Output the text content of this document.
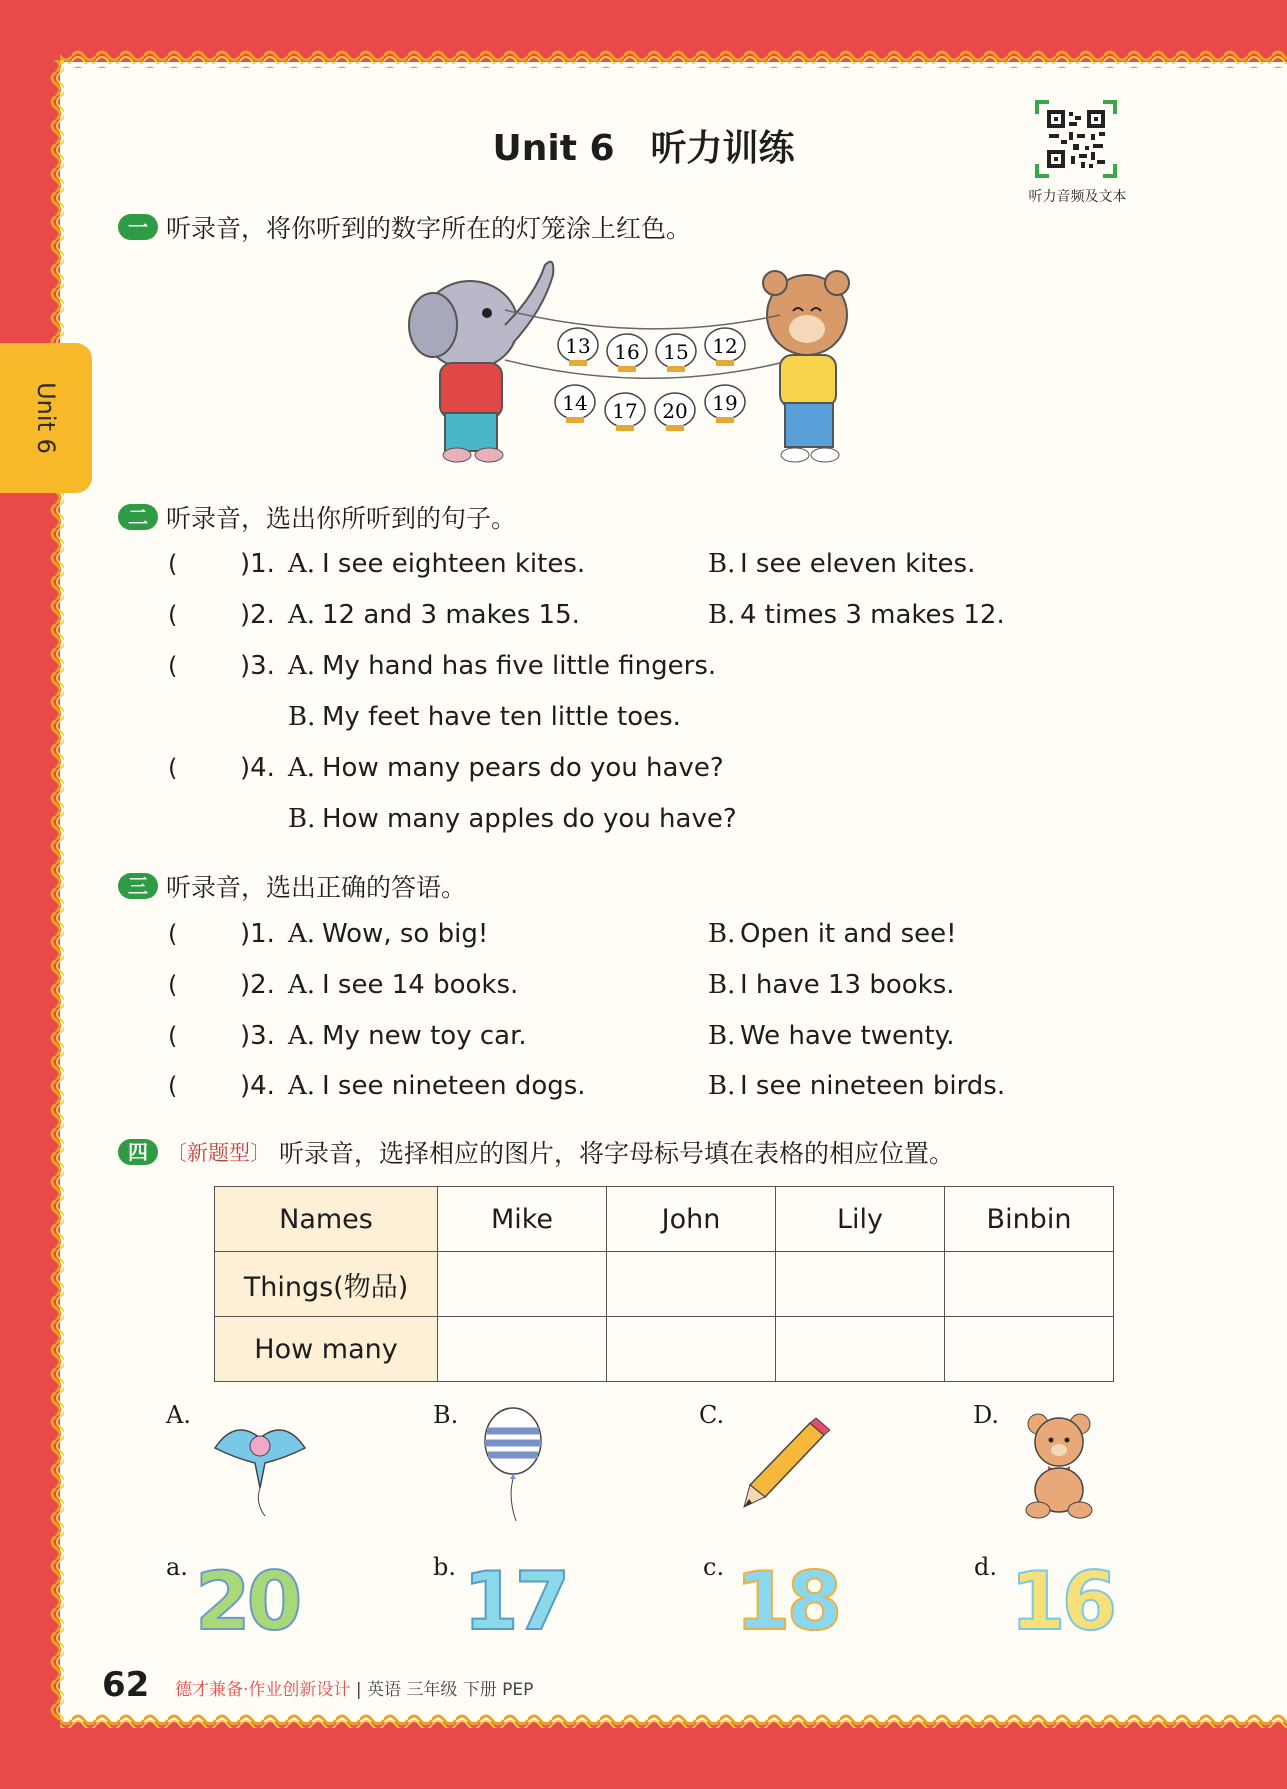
Unit 6
Unit 6　听力训练
听力音频及文本
一 听录音，将你听到的数字所在的灯笼涂上红色。
13 16 15 12
14 17 20 19
二 听录音，选出你所听到的句子。
( )1. A. I see eighteen kites.	B. I see eleven kites.
( )2. A. 12 and 3 makes 15.	B. 4 times 3 makes 12.
( )3. A. My hand has five little fingers.
B. My feet have ten little toes.
( )4. A. How many pears do you have?
B. How many apples do you have?
三 听录音，选出正确的答语。
( )1. A. Wow, so big!	B. Open it and see!
( )2. A. I see 14 books.	B. I have 13 books.
( )3. A. My new toy car.	B. We have twenty.
( )4. A. I see nineteen dogs.	B. I see nineteen birds.
四 〔新题型〕 听录音，选择相应的图片，将字母标号填在表格的相应位置。
Names	Mike	John	Lily	Binbin
Things(物品)				
How many				
A.	B.	C.	D.
a. 20	b. 17	c. 18	d. 16
62 德才兼备·作业创新设计 | 英语 三年级 下册 PEP
